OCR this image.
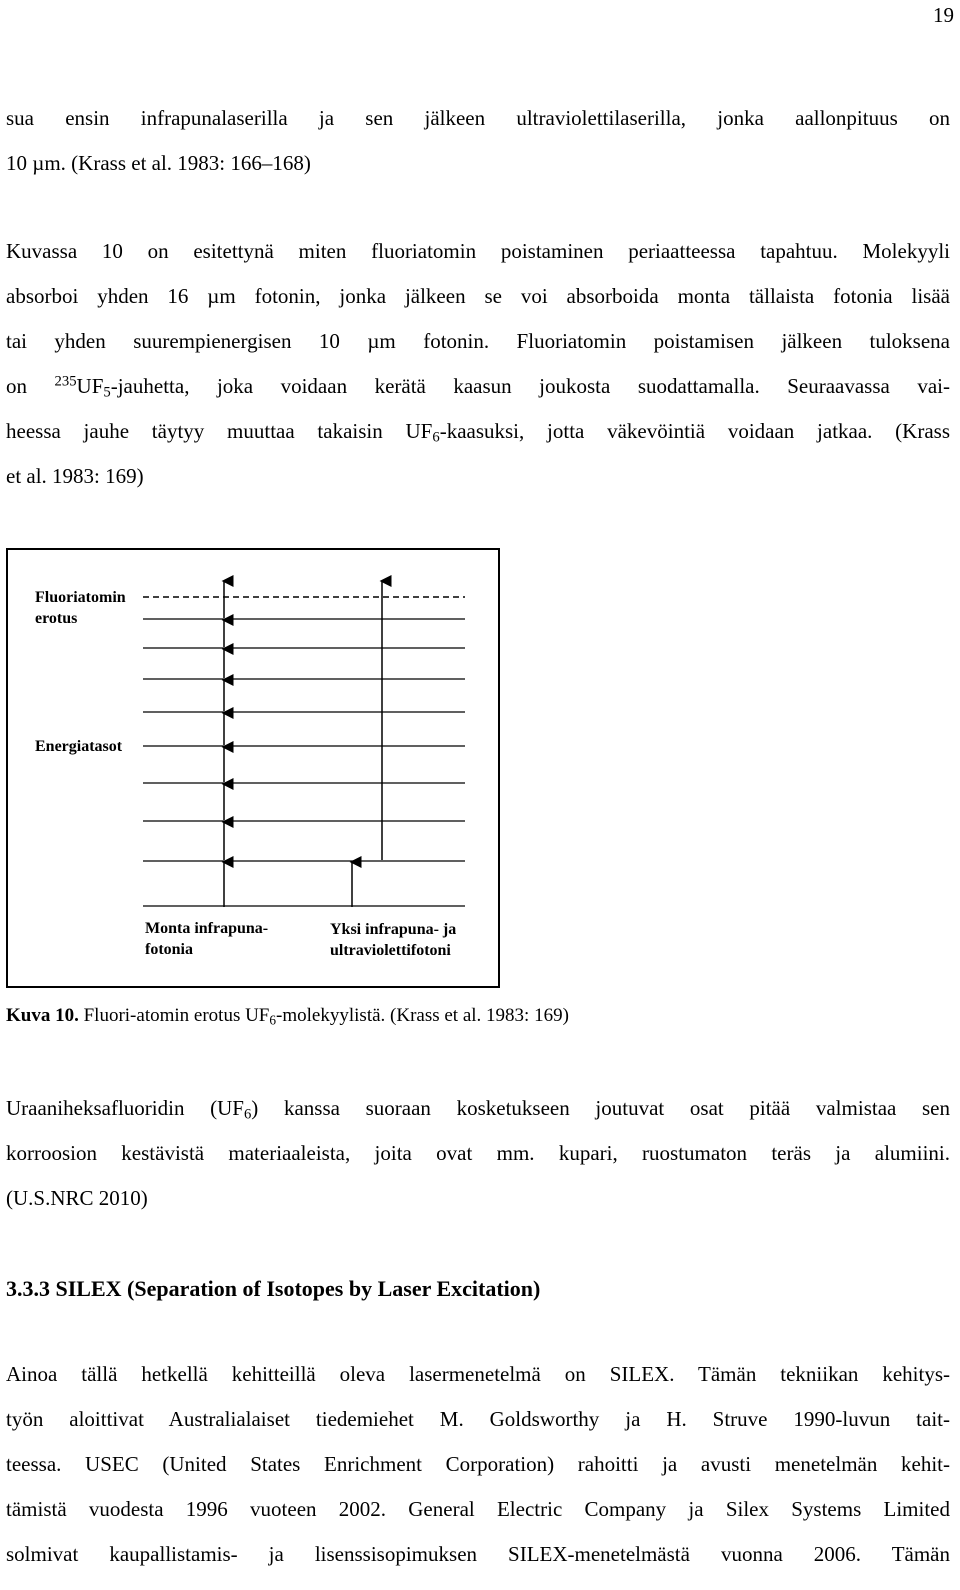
19
sua ensin infrapunalaserilla ja sen jälkeen ultraviolettilaserilla, jonka aallonpituus on
10 µm. (Krass et al. 1983: 166–168)
Kuvassa 10 on esitettynä miten fluoriatomin poistaminen periaatteessa tapahtuu. Molekyyli
absorboi yhden 16 µm fotonin, jonka jälkeen se voi absorboida monta tällaista fotonia lisää
tai yhden suurempienergisen 10 µm fotonin. Fluoriatomin poistamisen jälkeen tuloksena
on $^{235}UF_5$-jauhetta, joka voidaan kerätä kaasun joukosta suodattamalla. Seuraavassa vai-
heessa jauhe täytyy muuttaa takaisin $UF_6$-kaasuksi, jotta väkevöintiä voidaan jatkaa. (Krass
et al. 1983: 169)
Fluoriatomin
erotus
Energiatasot
Monta infrapuna-
fotonia
Yksi infrapuna- ja
ultraviolettifotoni
Kuva 10. Fluori-atomin erotus $UF_6$-molekyylistä. (Krass et al. 1983: 169)
Uraaniheksafluoridin $(UF_6)$ kanssa suoraan kosketukseen joutuvat osat pitää valmistaa sen
korroosion kestävistä materiaaleista, joita ovat mm. kupari, ruostumaton teräs ja alumiini.
(U.S.NRC 2010)
3.3.3 SILEX (Separation of Isotopes by Laser Excitation)
Ainoa tällä hetkellä kehitteillä oleva lasermenetelmä on SILEX. Tämän tekniikan kehitys-
työn aloittivat Australialaiset tiedemiehet M. Goldsworthy ja H. Struve 1990-luvun tait-
teessa. USEC (United States Enrichment Corporation) rahoitti ja avusti menetelmän kehit-
tämistä vuodesta 1996 vuoteen 2002. General Electric Company ja Silex Systems Limited
solmivat kaupallistamis- ja lisenssisopimuksen SILEX-menetelmästä vuonna 2006. Tämän
